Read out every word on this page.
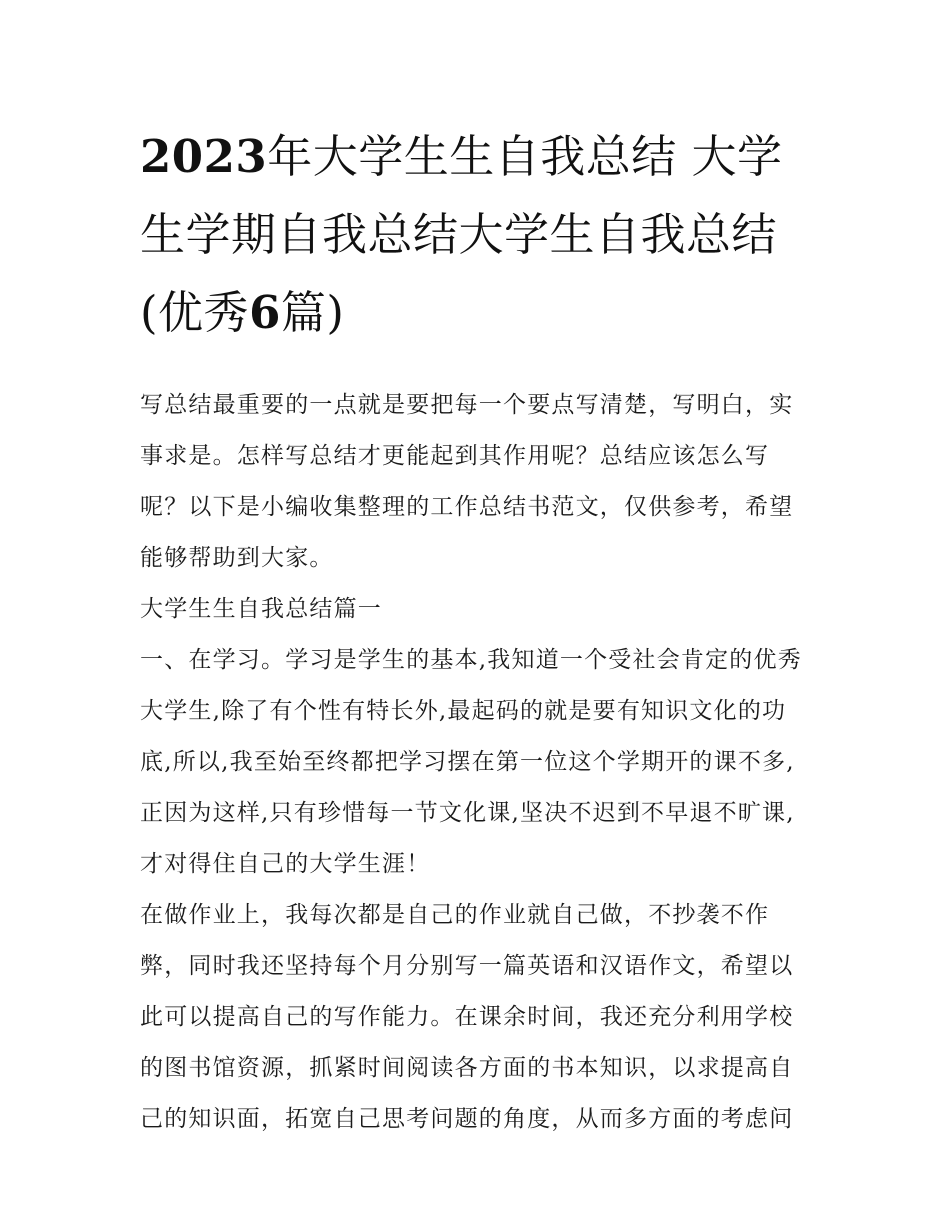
2023年大学生生自我总结 大学生学期自我总结大学生自我总结(优秀6篇)

写总结最重要的一点就是要把每一个要点写清楚，写明白，实事求是。怎样写总结才更能起到其作用呢？总结应该怎么写呢？以下是小编收集整理的工作总结书范文，仅供参考，希望能够帮助到大家。

大学生生自我总结篇一

一、在学习。学习是学生的基本,我知道一个受社会肯定的优秀大学生,除了有个性有特长外,最起码的就是要有知识文化的功底,所以,我至始至终都把学习摆在第一位这个学期开的课不多,正因为这样,只有珍惜每一节文化课,坚决不迟到不早退不旷课,才对得住自己的大学生涯！

在做作业上，我每次都是自己的作业就自己做，不抄袭不作弊，同时我还坚持每个月分别写一篇英语和汉语作文，希望以此可以提高自己的写作能力。在课余时间，我还充分利用学校的图书馆资源，抓紧时间阅读各方面的书本知识，以求提高自己的知识面，拓宽自己思考问题的角度，从而多方面的考虑问
